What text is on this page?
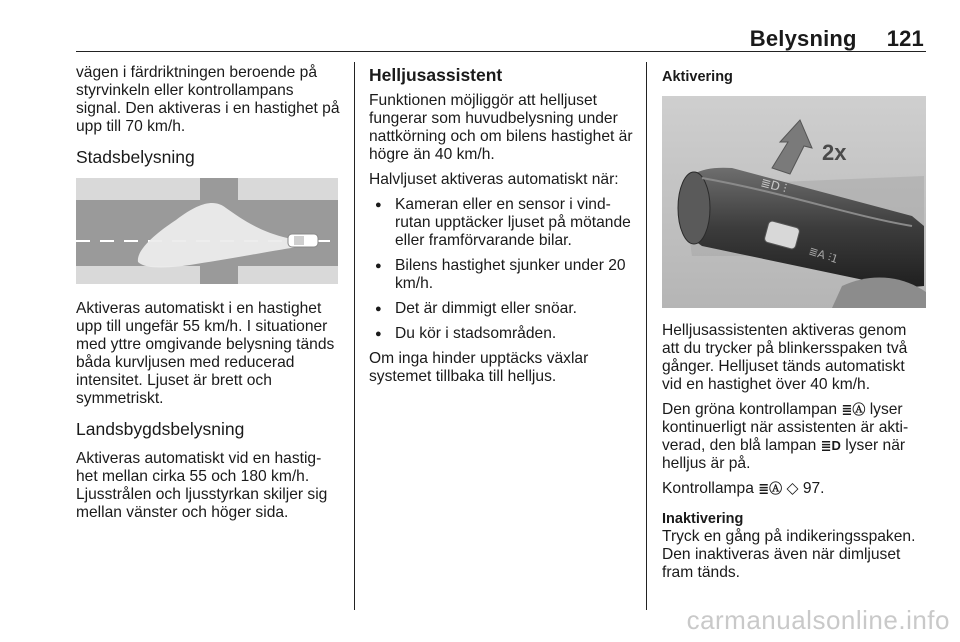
Belysning 121

vägen i färdriktningen beroende på styrvinkeln eller kontrollampans signal. Den aktiveras i en hastighet på upp till 70 km/h.

Stadsbelysning

Aktiveras automatiskt i en hastighet upp till ungefär 55 km/h. I situationer med yttre omgivande belysning tänds båda kurvljusen med reducerad intensitet. Ljuset är brett och symmetriskt.

Landsbygdsbelysning

Aktiveras automatiskt vid en hastig-het mellan cirka 55 och 180 km/h. Ljusstrålen och ljusstyrkan skiljer sig mellan vänster och höger sida.

Helljusassistent

Funktionen möjliggör att helljuset fungerar som huvudbelysning under nattkörning och om bilens hastighet är högre än 40 km/h.

Halvljuset aktiveras automatiskt när:

● Kameran eller en sensor i vind-rutan upptäcker ljuset på mötande eller framförvarande bilar.
● Bilens hastighet sjunker under 20 km/h.
● Det är dimmigt eller snöar.
● Du kör i stadsområden.

Om inga hinder upptäcks växlar systemet tillbaka till helljus.

Aktivering
≣D ⫶
≣A ⫶1
2x

Helljusassistenten aktiveras genom att du trycker på blinkersspaken två gånger. Helljuset tänds automatiskt vid en hastighet över 40 km/h.

Den gröna kontrollampan ≣Ⓐ lyser kontinuerligt när assistenten är akti-verad, den blå lampan ≣D lyser när helljus är på.

Kontrollampa ≣Ⓐ ◇ 97.

Inaktivering

Tryck en gång på indikeringsspaken. Den inaktiveras även när dimljuset fram tänds.

carmanualsonline.info
